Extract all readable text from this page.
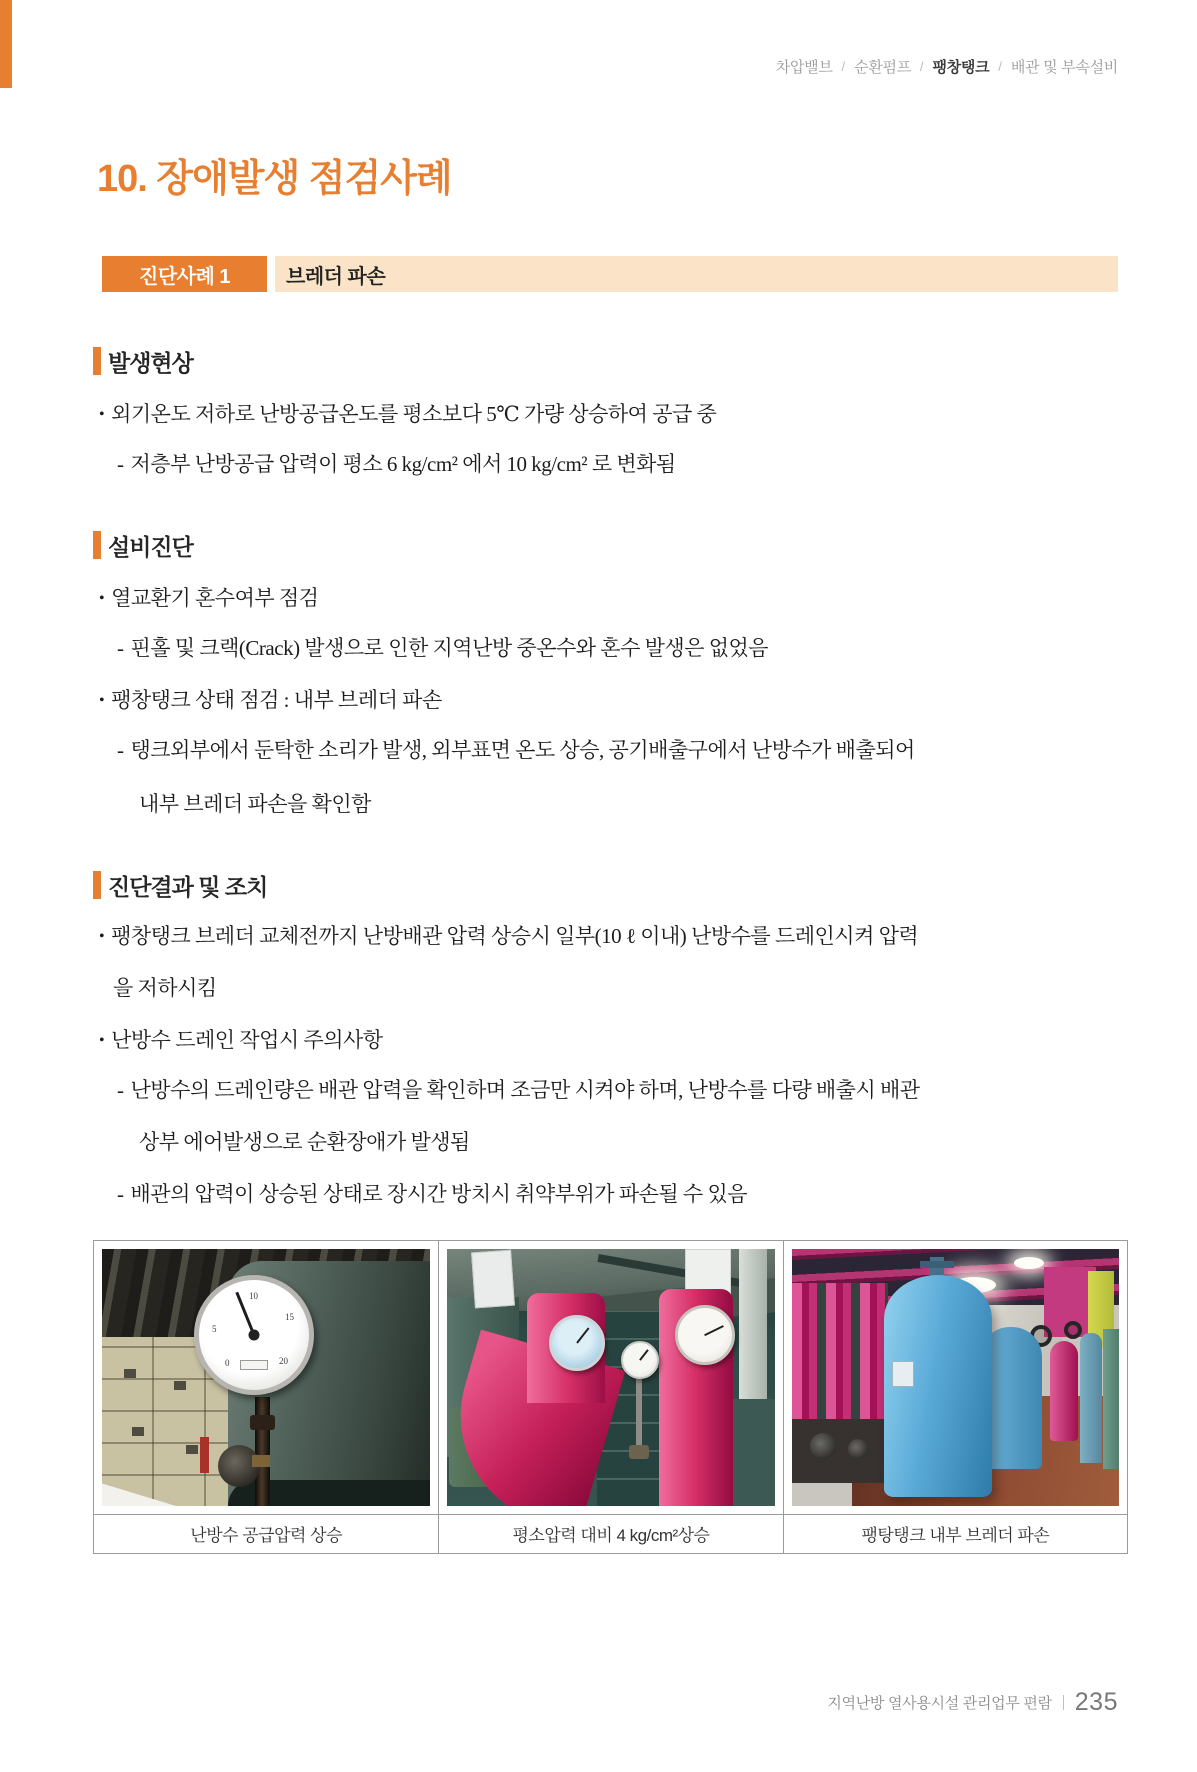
차압밸브 / 순환펌프 / 팽창탱크 / 배관 및 부속설비
10. 장애발생 점검사례
진단사례 1	브레더 파손
발생현상
• 외기온도 저하로 난방공급온도를 평소보다 5℃ 가량 상승하여 공급 중
- 저층부 난방공급 압력이 평소 6 kg/cm² 에서 10 kg/cm² 로 변화됨
설비진단
• 열교환기 혼수여부 점검
- 핀홀 및 크랙(Crack) 발생으로 인한 지역난방 중온수와 혼수 발생은 없었음
• 팽창탱크 상태 점검 : 내부 브레더 파손
- 탱크외부에서 둔탁한 소리가 발생, 외부표면 온도 상승, 공기배출구에서 난방수가 배출되어
내부 브레더 파손을 확인함
진단결과 및 조치
• 팽창탱크 브레더 교체전까지 난방배관 압력 상승시 일부(10 ℓ 이내) 난방수를 드레인시켜 압력
을 저하시킴
• 난방수 드레인 작업시 주의사항
- 난방수의 드레인량은 배관 압력을 확인하며 조금만 시켜야 하며, 난방수를 다량 배출시 배관
상부 에어발생으로 순환장애가 발생됨
- 배관의 압력이 상승된 상태로 장시간 방치시 취약부위가 파손될 수 있음
0
5
10
15
20
난방수 공급압력 상승	평소압력 대비 4 kg/cm²상승	팽탕탱크 내부 브레더 파손
지역난방 열사용시설 관리업무 편람 235
